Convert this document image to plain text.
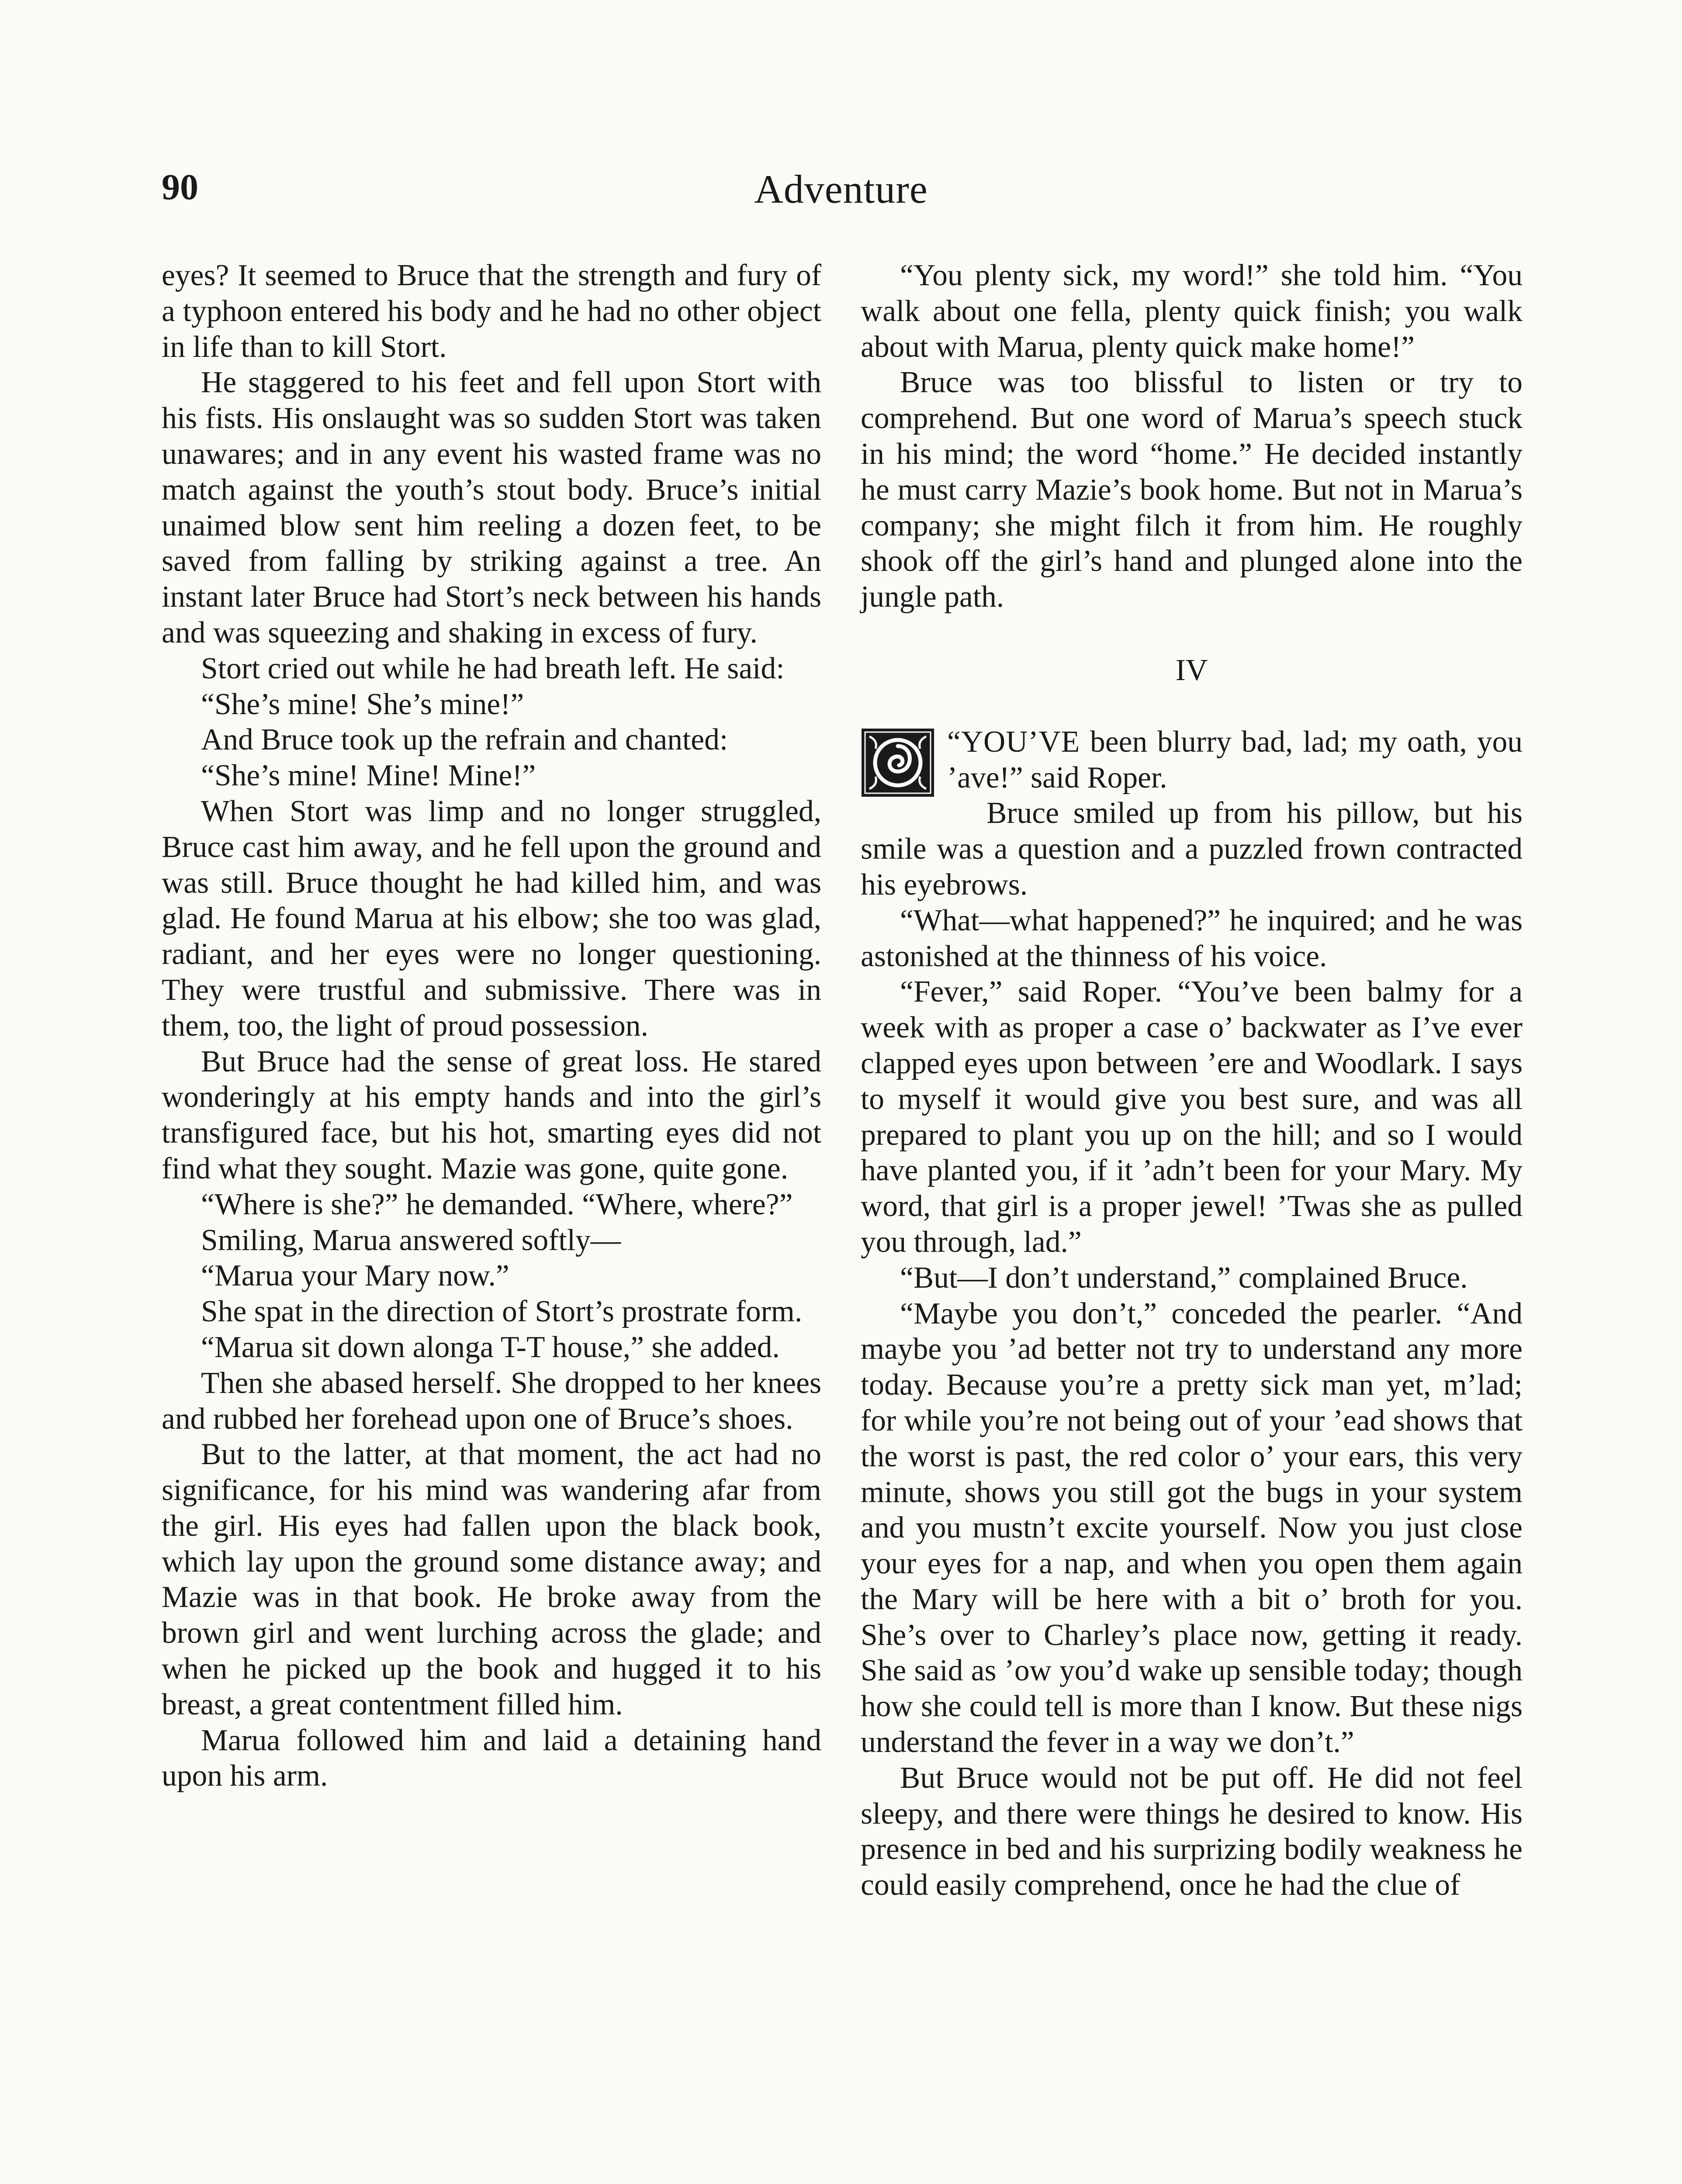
90	Adventure

eyes? It seemed to Bruce that the strength and fury of a typhoon entered his body and he had no other object in life than to kill Stort.

He staggered to his feet and fell upon Stort with his fists. His onslaught was so sudden Stort was taken unawares; and in any event his wasted frame was no match against the youth’s stout body. Bruce’s initial unaimed blow sent him reeling a dozen feet, to be saved from falling by striking against a tree. An instant later Bruce had Stort’s neck between his hands and was squeezing and shaking in excess of fury.

Stort cried out while he had breath left. He said:

“She’s mine! She’s mine!”

And Bruce took up the refrain and chanted:

“She’s mine! Mine! Mine!”

When Stort was limp and no longer struggled, Bruce cast him away, and he fell upon the ground and was still. Bruce thought he had killed him, and was glad. He found Marua at his elbow; she too was glad, radiant, and her eyes were no longer questioning. They were trustful and submissive. There was in them, too, the light of proud possession.

But Bruce had the sense of great loss. He stared wonderingly at his empty hands and into the girl’s transfigured face, but his hot, smarting eyes did not find what they sought. Mazie was gone, quite gone.

“Where is she?” he demanded. “Where, where?”

Smiling, Marua answered softly—

“Marua your Mary now.”

She spat in the direction of Stort’s prostrate form.

“Marua sit down alonga T-T house,” she added.

Then she abased herself. She dropped to her knees and rubbed her forehead upon one of Bruce’s shoes.

But to the latter, at that moment, the act had no significance, for his mind was wandering afar from the girl. His eyes had fallen upon the black book, which lay upon the ground some distance away; and Mazie was in that book. He broke away from the brown girl and went lurching across the glade; and when he picked up the book and hugged it to his breast, a great contentment filled him.

Marua followed him and laid a detaining hand upon his arm.

“You plenty sick, my word!” she told him. “You walk about one fella, plenty quick finish; you walk about with Marua, plenty quick make home!”

Bruce was too blissful to listen or try to comprehend. But one word of Marua’s speech stuck in his mind; the word “home.” He decided instantly he must carry Mazie’s book home. But not in Marua’s company; she might filch it from him. He roughly shook off the girl’s hand and plunged alone into the jungle path.

IV

“YOU’VE been blurry bad, lad; my oath, you ’ave!” said Roper.

Bruce smiled up from his pillow, but his smile was a question and a puzzled frown contracted his eyebrows.

“What—what happened?” he inquired; and he was astonished at the thinness of his voice.

“Fever,” said Roper. “You’ve been balmy for a week with as proper a case o’ backwater as I’ve ever clapped eyes upon between ’ere and Woodlark. I says to myself it would give you best sure, and was all prepared to plant you up on the hill; and so I would have planted you, if it ’adn’t been for your Mary. My word, that girl is a proper jewel! ’Twas she as pulled you through, lad.”

“But—I don’t understand,” complained Bruce.

“Maybe you don’t,” conceded the pearler. “And maybe you ’ad better not try to understand any more today. Because you’re a pretty sick man yet, m’lad; for while you’re not being out of your ’ead shows that the worst is past, the red color o’ your ears, this very minute, shows you still got the bugs in your system and you mustn’t excite yourself. Now you just close your eyes for a nap, and when you open them again the Mary will be here with a bit o’ broth for you. She’s over to Charley’s place now, getting it ready. She said as ’ow you’d wake up sensible today; though how she could tell is more than I know. But these nigs understand the fever in a way we don’t.”

But Bruce would not be put off. He did not feel sleepy, and there were things he desired to know. His presence in bed and his surprizing bodily weakness he could easily comprehend, once he had the clue of
